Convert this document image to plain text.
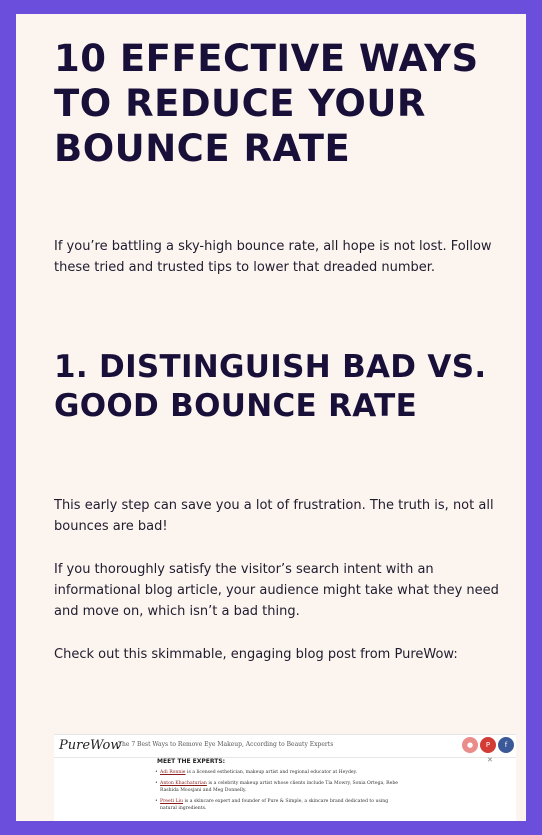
10 EFFECTIVE WAYS TO REDUCE YOUR BOUNCE RATE

If you’re battling a sky-high bounce rate, all hope is not lost. Follow these tried and trusted tips to lower that dreaded number.

1. DISTINGUISH BAD VS. GOOD BOUNCE RATE

This early step can save you a lot of frustration. The truth is, not all bounces are bad!

If you thoroughly satisfy the visitor’s search intent with an informational blog article, your audience might take what they need and move on, which isn’t a bad thing.

Check out this skimmable, engaging blog post from PureWow:

PureWow
The 7 Best Ways to Remove Eye Makeup, According to Beauty Experts	●	P	f
✕
MEET THE EXPERTS:
• Adi Ronnie is a licensed esthetician, makeup artist and regional educator at Heydey.
• Anton Khachaturian is a celebrity makeup artist whose clients include Tia Mowry, Sonia Ortega, Rebe Rashida Moosjani and Meg Donnelly.
• Preeti Liu is a skincare expert and founder of Pure & Simple, a skincare brand dedicated to using natural ingredients.
